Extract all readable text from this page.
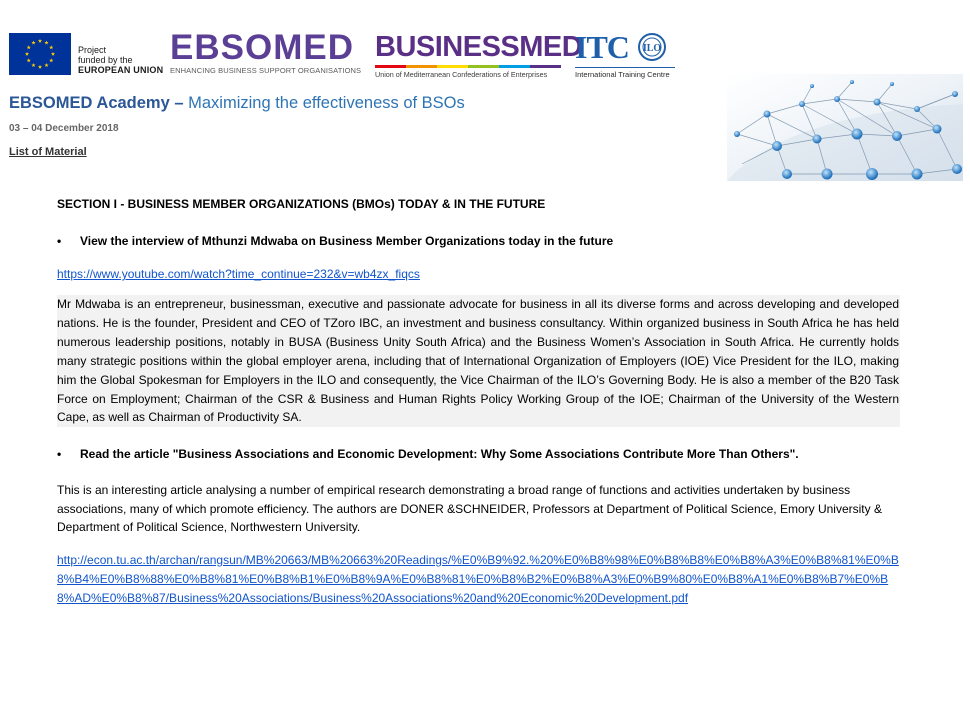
Project
funded by the
EUROPEAN UNION
EBSOMED
ENHANCING BUSINESS SUPPORT ORGANISATIONS
BUSINESSMED
Union of Mediterranean Confederations of Enterprises
ITC ILO
International Training Centre
EBSOMED Academy – Maximizing the effectiveness of BSOs
03 – 04 December 2018
List of Material
SECTION I - BUSINESS MEMBER ORGANIZATIONS (BMOs) TODAY & IN THE FUTURE
• View the interview of Mthunzi Mdwaba on Business Member Organizations today in the future
https://www.youtube.com/watch?time_continue=232&v=wb4zx_fiqcs
Mr Mdwaba is an entrepreneur, businessman, executive and passionate advocate for business in all its diverse forms and across developing and developed nations. He is the founder, President and CEO of TZoro IBC, an investment and business consultancy. Within organized business in South Africa he has held numerous leadership positions, notably in BUSA (Business Unity South Africa) and the Business Women’s Association in South Africa. He currently holds many strategic positions within the global employer arena, including that of International Organization of Employers (IOE) Vice President for the ILO, making him the Global Spokesman for Employers in the ILO and consequently, the Vice Chairman of the ILO’s Governing Body. He is also a member of the B20 Task Force on Employment; Chairman of the CSR & Business and Human Rights Policy Working Group of the IOE; Chairman of the University of the Western Cape, as well as Chairman of Productivity SA.
• Read the article "Business Associations and Economic Development: Why Some Associations Contribute More Than Others".
This is an interesting article analysing a number of empirical research demonstrating a broad range of functions and activities undertaken by business associations, many of which promote efficiency. The authors are DONER &SCHNEIDER, Professors at Department of Political Science, Emory University & Department of Political Science, Northwestern University.
http://econ.tu.ac.th/archan/rangsun/MB%20663/MB%20663%20Readings/%E0%B9%92.%20%E0%B8%98%E0%B8%B8%E0%B8%A3%E0%B8%81%E0%B8%B4%E0%B8%88%E0%B8%81%E0%B8%B1%E0%B8%9A%E0%B8%81%E0%B8%B2%E0%B8%A3%E0%B9%80%E0%B8%A1%E0%B8%B7%E0%B8%AD%E0%B8%87/Business%20Associations/Business%20Associations%20and%20Economic%20Development.pdf
